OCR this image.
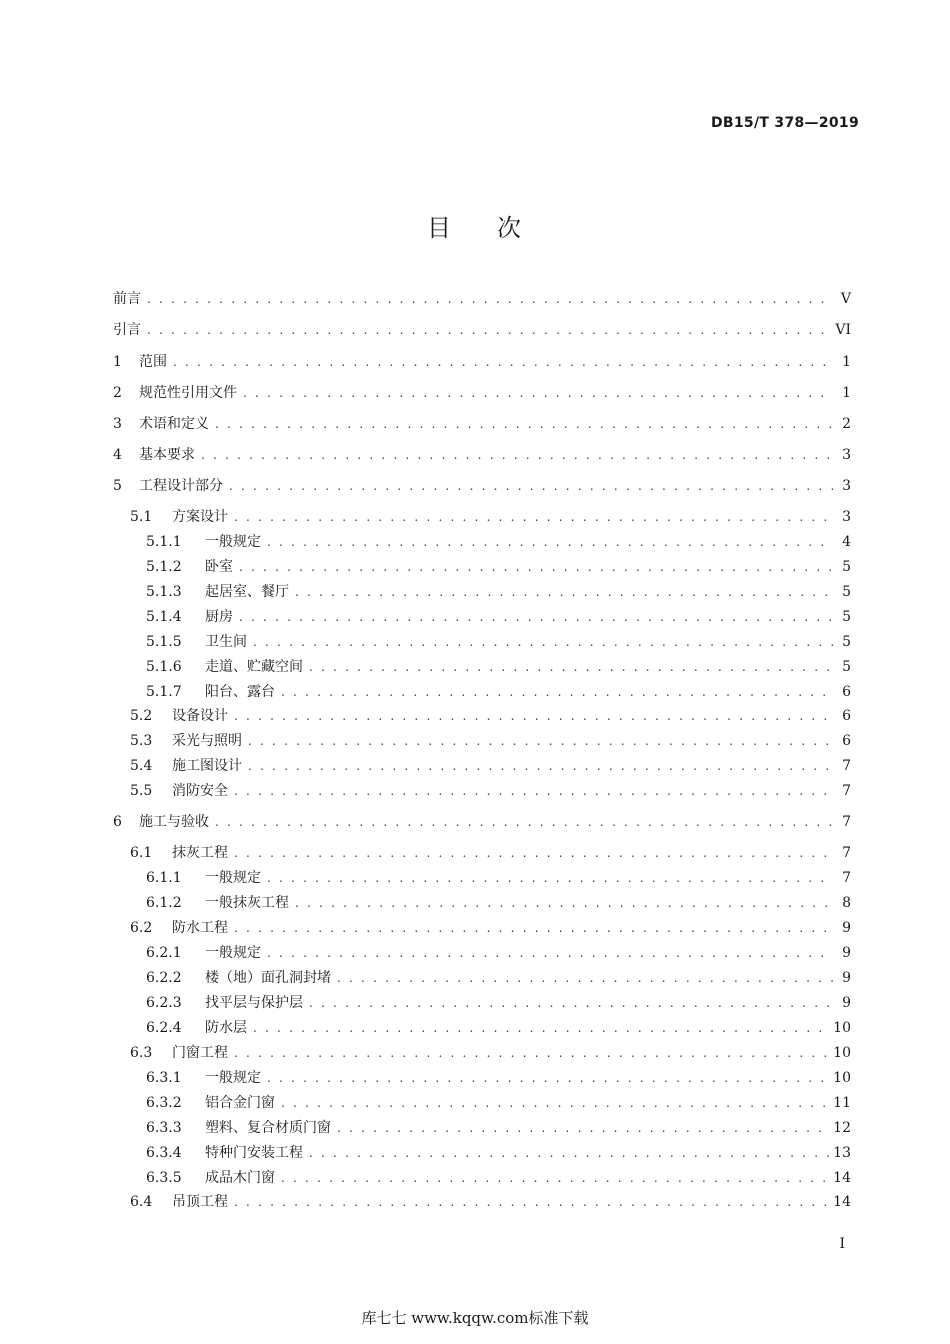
DB15/T 378—2019
目 次
前言 . . .	V
引言 . . .	VI
1	范围 . . .	1
2	规范性引用文件 . . .	1
3	术语和定义 . . .	2
4	基本要求 . . .	3
5	工程设计部分 . . .	3
5.1	方案设计 . . .	3
5.1.1	一般规定 . . .	4
5.1.2	卧室 . . .	5
5.1.3	起居室、餐厅 . . .	5
5.1.4	厨房 . . .	5
5.1.5	卫生间 . . .	5
5.1.6	走道、贮藏空间 . . .	5
5.1.7	阳台、露台 . . .	6
5.2	设备设计 . . .	6
5.3	采光与照明 . . .	6
5.4	施工图设计 . . .	7
5.5	消防安全 . . .	7
6	施工与验收 . . .	7
6.1	抹灰工程 . . .	7
6.1.1	一般规定 . . .	7
6.1.2	一般抹灰工程 . . .	8
6.2	防水工程 . . .	9
6.2.1	一般规定 . . .	9
6.2.2	楼（地）面孔洞封堵 . . .	9
6.2.3	找平层与保护层 . . .	9
6.2.4	防水层 . . .	10
6.3	门窗工程 . . .	10
6.3.1	一般规定 . . .	10
6.3.2	铝合金门窗 . . .	11
6.3.3	塑料、复合材质门窗 . . .	12
6.3.4	特种门安装工程 . . .	13
6.3.5	成品木门窗 . . .	14
6.4	吊顶工程 . . .	14
I
库七七 www.kqqw.com标准下载
